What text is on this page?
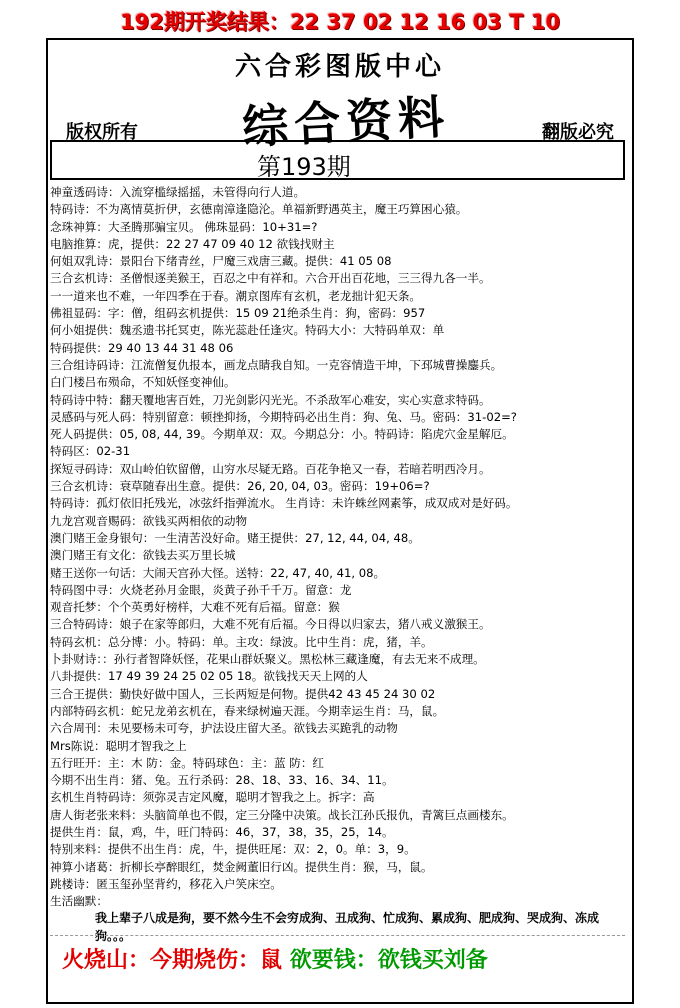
192期开奖结果：22 37 02 12 16 03 T 10
六合彩图版中心
综合资料
版权所有	翻版必究
第193期
神童透码诗：入流穿槛绿摇摇，未管得向行人道。
特码诗：不为离情莫折伊，玄德南漳逢隐沦。单福新野遇英主，魔王巧算困心猿。
念珠神算：大圣腾那骗宝贝。 佛珠显码：10+31=?
电脑推算：虎，提供：22 27 47 09 40 12 欲钱找财主
何姐双乳诗：景阳台下绪青丝，尸魔三戏唐三藏。提供：41 05 08
三合玄机诗：圣僧恨逐美猴王，百忍之中有祥和。六合开出百花地，三三得九各一半。
一一道来也不难，一年四季在于春。潮京图库有玄机，老龙拙计犯天条。
佛祖显码：字：僧，组码玄机提供：15 09 21绝杀生肖：狗，密码：957
何小姐提供：魏丞遗书托冥吏，陈光蕊赴任逢灾。特码大小：大特码单双：单
特码提供：29 40 13 44 31 48 06
三合组诗码诗：江流僧复仇报本，画龙点睛我自知。一克容情造干坤，下邳城曹操鏖兵。
白门楼吕布殒命，不知妖怪变神仙。
特码诗中特：翻天覆地害百姓，刀光剑影闪光光。不杀敌军心难安，实心实意求特码。
灵感码与死人码：特别留意：顿挫抑扬，今期特码必出生肖：狗、兔、马。密码：31-02=?
死人码提供：05, 08, 44, 39。今期单双：双。今期总分：小。特码诗：陷虎穴金星解厄。
特码区：02-31
探短寻码诗：双山岭伯钦留僧，山穷水尽疑无路。百花争艳又一春，若暗若明西冷月。
三合玄机诗：衰草随春出生意。提供：26, 20, 04, 03。密码：19+06=?
特码诗：孤灯依旧托残光，冰弦纤指弹流水。 生肖诗：未许蛛丝网素筝，成双成对是好码。
九龙宫观音赐码：欲钱买两相依的动物
澳门赌王金身银句：一生清苦没好命。赌王提供：27, 12, 44, 04, 48。
澳门赌王有文化：欲钱去买万里长城
赌王送你一句话：大闹天宫孙大怪。送特：22, 47, 40, 41, 08。
特码图中寻：火烧老孙月金眼，炎黄子孙千千万。留意：龙
观音托梦：个个英勇好榜样，大难不死有后福。留意：猴
三合特码诗：娘子在家等郎归，大难不死有后福。今日得以归家去，猪八戒义激猴王。
特码玄机：总分博：小。特码：单。主攻：绿波。比中生肖：虎，猪，羊。
卜卦财诗：：孙行者智降妖怪，花果山群妖聚义。黑松林三藏逢魔，有去无来不成理。
八卦提供：17 49 39 24 25 02 05 18。欲钱找天天上网的人
三合王提供：勤快好做中国人，三长两短是何物。提供42 43 45 24 30 02
内部特码玄机：蛇兄龙弟玄机在，春来绿树遍天涯。今期幸运生肖：马，鼠。
六合周刊：未见要杨未可夸，护法设庄留大圣。欲钱去买跪乳的动物
Mrs陈说：聪明才智我之上
五行旺开：主：木 防：金。特码球色：主：蓝 防：红
今期不出生肖：猪、兔。五行杀码：28、18、33、16、34、11。
玄机生肖特码诗：须弥灵吉定风魔，聪明才智我之上。拆字：高
唐人街老张来料：头脑简单也不假，定三分隆中决策。战长江孙氏报仇，青篱巨点画楼东。
提供生肖：鼠，鸡，牛，旺门特码：46，37，38，35，25，14。
特别来料：提供不出生肖：虎，牛，提供旺尾：双：2，0。单：3，9。
神算小诸葛：折柳长亭醉眼红，焚金阙董旧行凶。提供生肖：猴，马，鼠。
跳楼诗：匿玉玺孙坚背约，移花入户笑床空。
生活幽默：
我上辈子八成是狗，要不然今生不会穷成狗、丑成狗、忙成狗、累成狗、肥成狗、哭成狗、冻成狗。。。
火烧山：今期烧伤：鼠 欲要钱：欲钱买刘备
